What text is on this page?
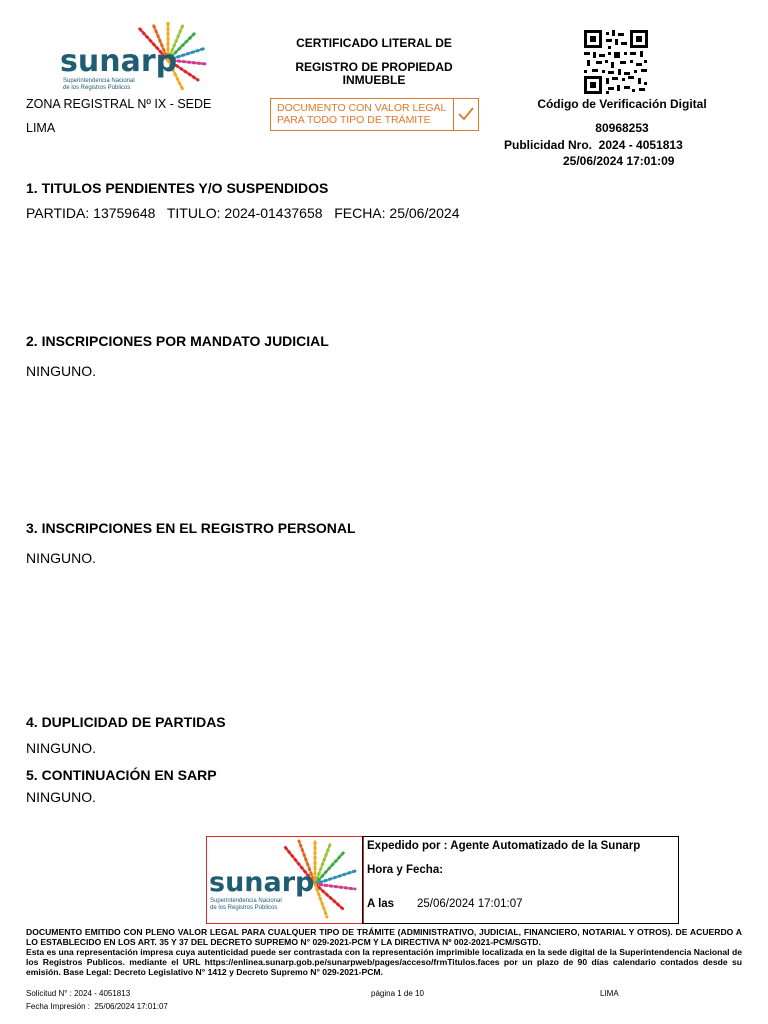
sunarp
Superintendencia Nacional
de los Registros Públicos
ZONA REGISTRAL Nº IX - SEDE
LIMA
CERTIFICADO LITERAL DE
REGISTRO DE PROPIEDAD
INMUEBLE
DOCUMENTO CON VALOR LEGAL
PARA TODO TIPO DE TRÁMITE
Código de Verificación Digital
80968253
Publicidad Nro.  2024 - 4051813
25/06/2024 17:01:09
1. TITULOS PENDIENTES Y/O SUSPENDIDOS
PARTIDA: 13759648   TITULO: 2024-01437658   FECHA: 25/06/2024
2. INSCRIPCIONES POR MANDATO JUDICIAL
NINGUNO.
3. INSCRIPCIONES EN EL REGISTRO PERSONAL
NINGUNO.
4. DUPLICIDAD DE PARTIDAS
NINGUNO.
5. CONTINUACIÓN EN SARP
NINGUNO.
sunarp
Superintendencia Nacional
de los Registros Públicos
Expedido por : Agente Automatizado de la Sunarp
Hora y Fecha:
A las 25/06/2024 17:01:07
DOCUMENTO EMITIDO CON PLENO VALOR LEGAL PARA CUALQUER TIPO DE TRÁMITE (ADMINISTRATIVO, JUDICIAL, FINANCIERO, NOTARIAL Y OTROS). DE ACUERDO A LO ESTABLECIDO EN LOS ART. 35 Y 37 DEL DECRETO SUPREMO N° 029-2021-PCM Y LA DIRECTIVA Nº 002-2021-PCM/SGTD.
Esta es una representación impresa cuya autenticidad puede ser contrastada con la representación imprimible localizada en la sede digital de la Superintendencia Nacional de los Registros Publicos. mediante el URL https://enlinea.sunarp.gob.pe/sunarpweb/pages/acceso/frmTitulos.faces por un plazo de 90 días calendario contados desde su emisión. Base Legal: Decreto Legislativo N° 1412 y Decreto Supremo N° 029-2021-PCM.
Solicitud N° : 2024 - 4051813
Fecha Impresión :  25/06/2024 17:01:07
página 1 de 10	LIMA
